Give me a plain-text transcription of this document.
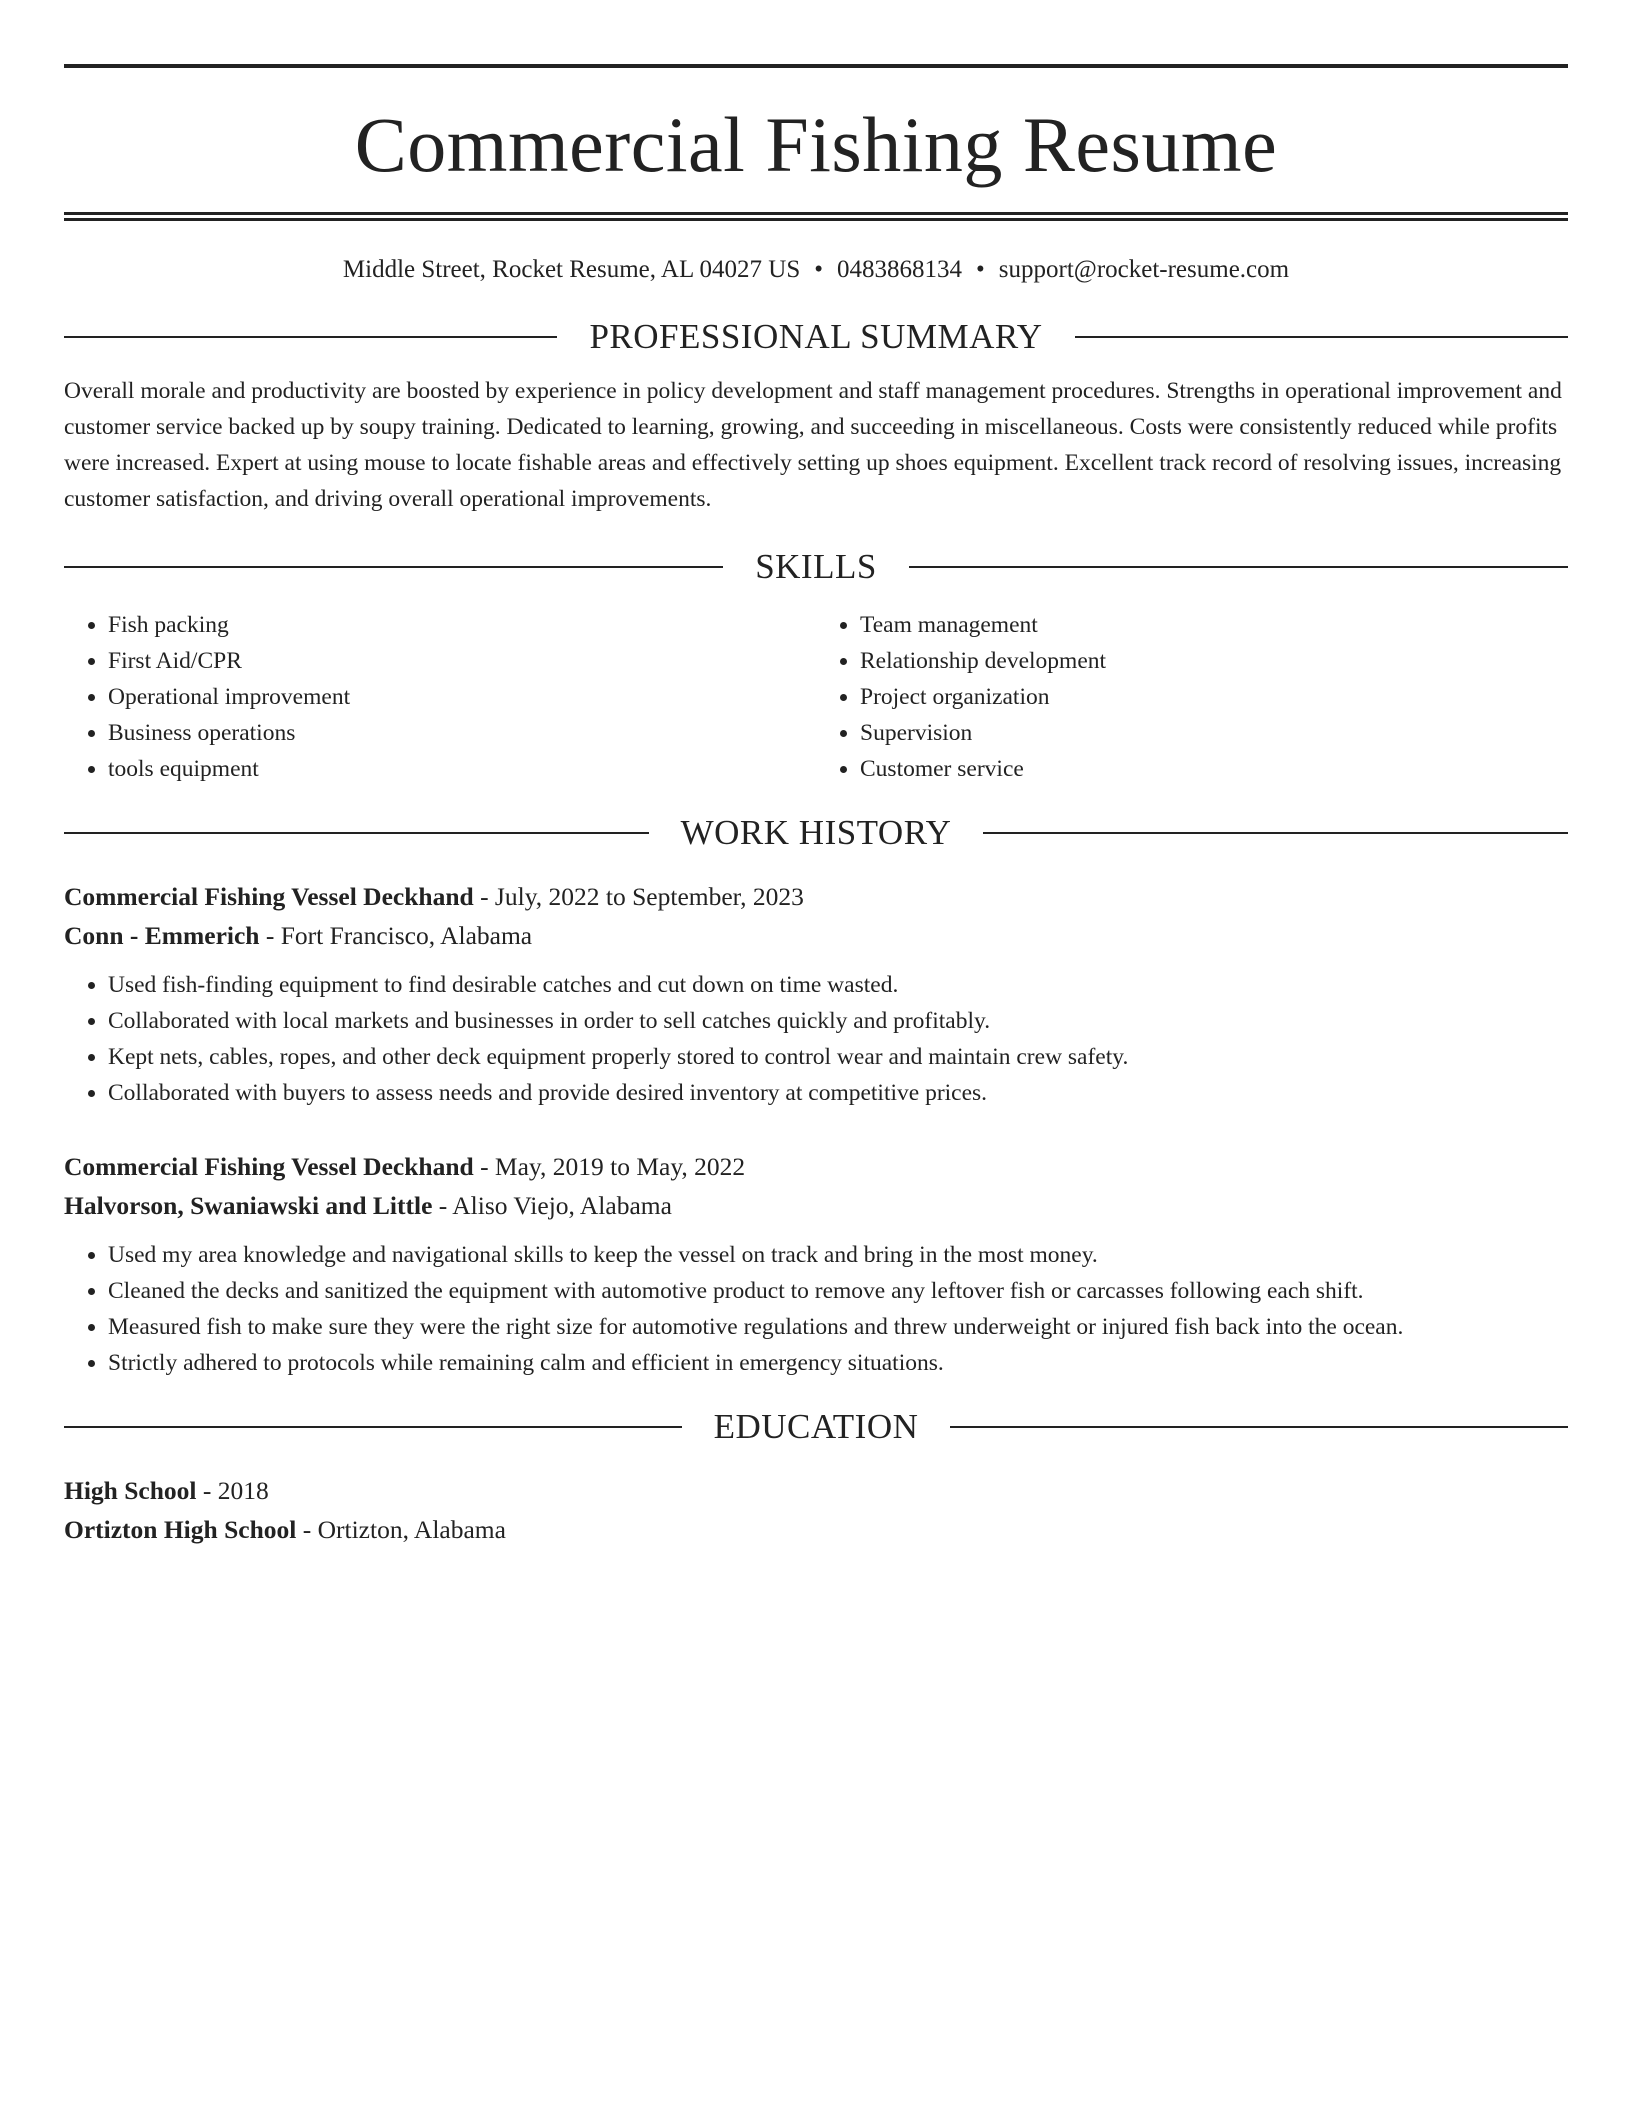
Commercial Fishing Resume
Middle Street, Rocket Resume, AL 04027 US • 0483868134 • support@rocket-resume.com
PROFESSIONAL SUMMARY
Overall morale and productivity are boosted by experience in policy development and staff management procedures. Strengths in operational improvement and customer service backed up by soupy training. Dedicated to learning, growing, and succeeding in miscellaneous. Costs were consistently reduced while profits were increased. Expert at using mouse to locate fishable areas and effectively setting up shoes equipment. Excellent track record of resolving issues, increasing customer satisfaction, and driving overall operational improvements.
SKILLS
• Fish packing
• First Aid/CPR
• Operational improvement
• Business operations
• tools equipment
• Team management
• Relationship development
• Project organization
• Supervision
• Customer service
WORK HISTORY
Commercial Fishing Vessel Deckhand - July, 2022 to September, 2023
Conn - Emmerich - Fort Francisco, Alabama
• Used fish-finding equipment to find desirable catches and cut down on time wasted.
• Collaborated with local markets and businesses in order to sell catches quickly and profitably.
• Kept nets, cables, ropes, and other deck equipment properly stored to control wear and maintain crew safety.
• Collaborated with buyers to assess needs and provide desired inventory at competitive prices.
Commercial Fishing Vessel Deckhand - May, 2019 to May, 2022
Halvorson, Swaniawski and Little - Aliso Viejo, Alabama
• Used my area knowledge and navigational skills to keep the vessel on track and bring in the most money.
• Cleaned the decks and sanitized the equipment with automotive product to remove any leftover fish or carcasses following each shift.
• Measured fish to make sure they were the right size for automotive regulations and threw underweight or injured fish back into the ocean.
• Strictly adhered to protocols while remaining calm and efficient in emergency situations.
EDUCATION
High School - 2018
Ortizton High School - Ortizton, Alabama
